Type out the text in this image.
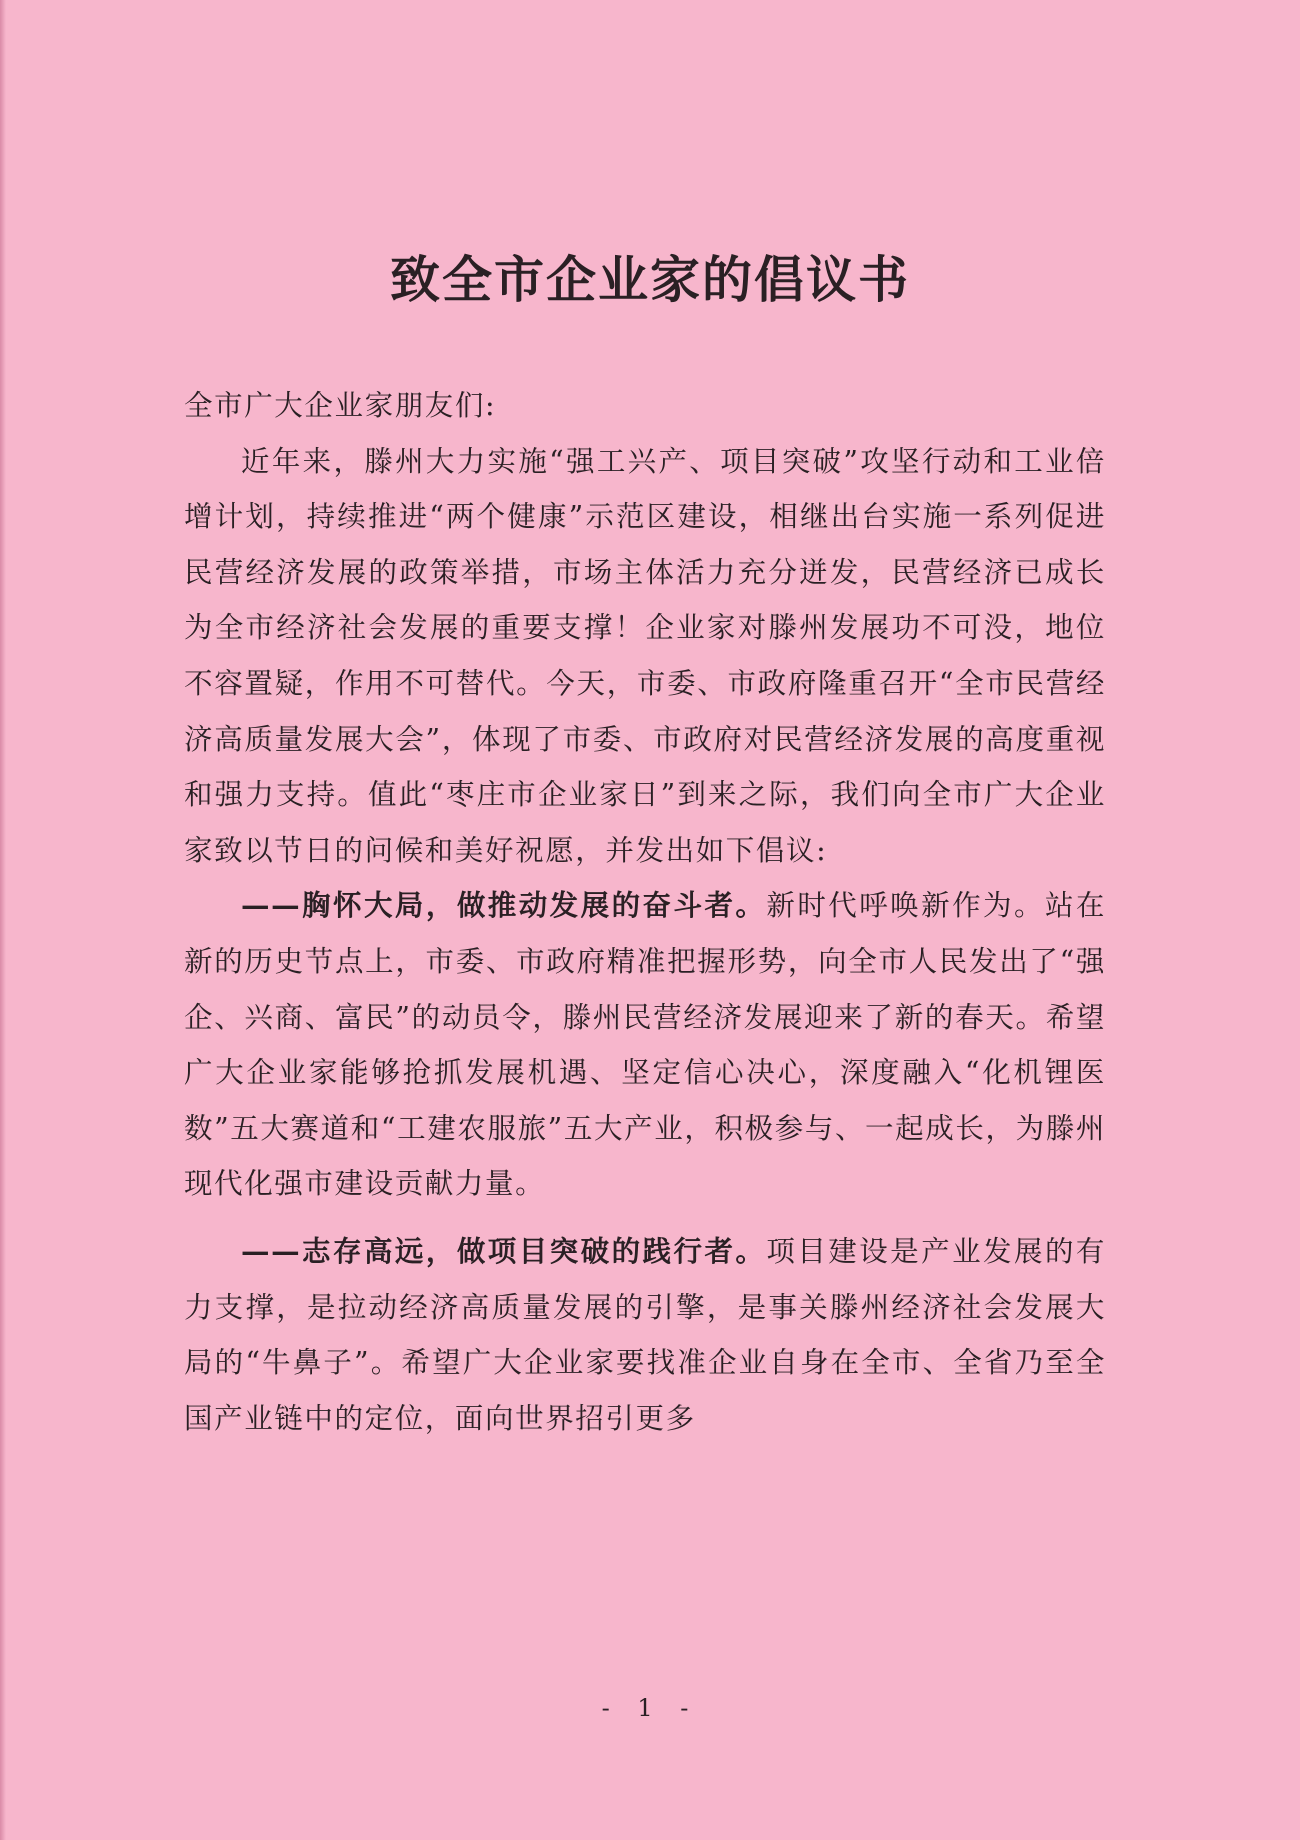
致全市企业家的倡议书

全市广大企业家朋友们:

近年来，滕州大力实施“强工兴产、项目突破”攻坚行动和工业倍增计划，持续推进“两个健康”示范区建设，相继出台实施一系列促进民营经济发展的政策举措，市场主体活力充分迸发，民营经济已成长为全市经济社会发展的重要支撑！企业家对滕州发展功不可没，地位不容置疑，作用不可替代。今天，市委、市政府隆重召开“全市民营经济高质量发展大会”，体现了市委、市政府对民营经济发展的高度重视和强力支持。值此“枣庄市企业家日”到来之际，我们向全市广大企业家致以节日的问候和美好祝愿，并发出如下倡议:

——胸怀大局，做推动发展的奋斗者。新时代呼唤新作为。站在新的历史节点上，市委、市政府精准把握形势，向全市人民发出了“强企、兴商、富民”的动员令，滕州民营经济发展迎来了新的春天。希望广大企业家能够抢抓发展机遇、坚定信心决心，深度融入“化机锂医数”五大赛道和“工建农服旅”五大产业，积极参与、一起成长，为滕州现代化强市建设贡献力量。

——志存高远，做项目突破的践行者。项目建设是产业发展的有力支撑，是拉动经济高质量发展的引擎，是事关滕州经济社会发展大局的“牛鼻子”。希望广大企业家要找准企业自身在全市、全省乃至全国产业链中的定位，面向世界招引更多

- 1 -
